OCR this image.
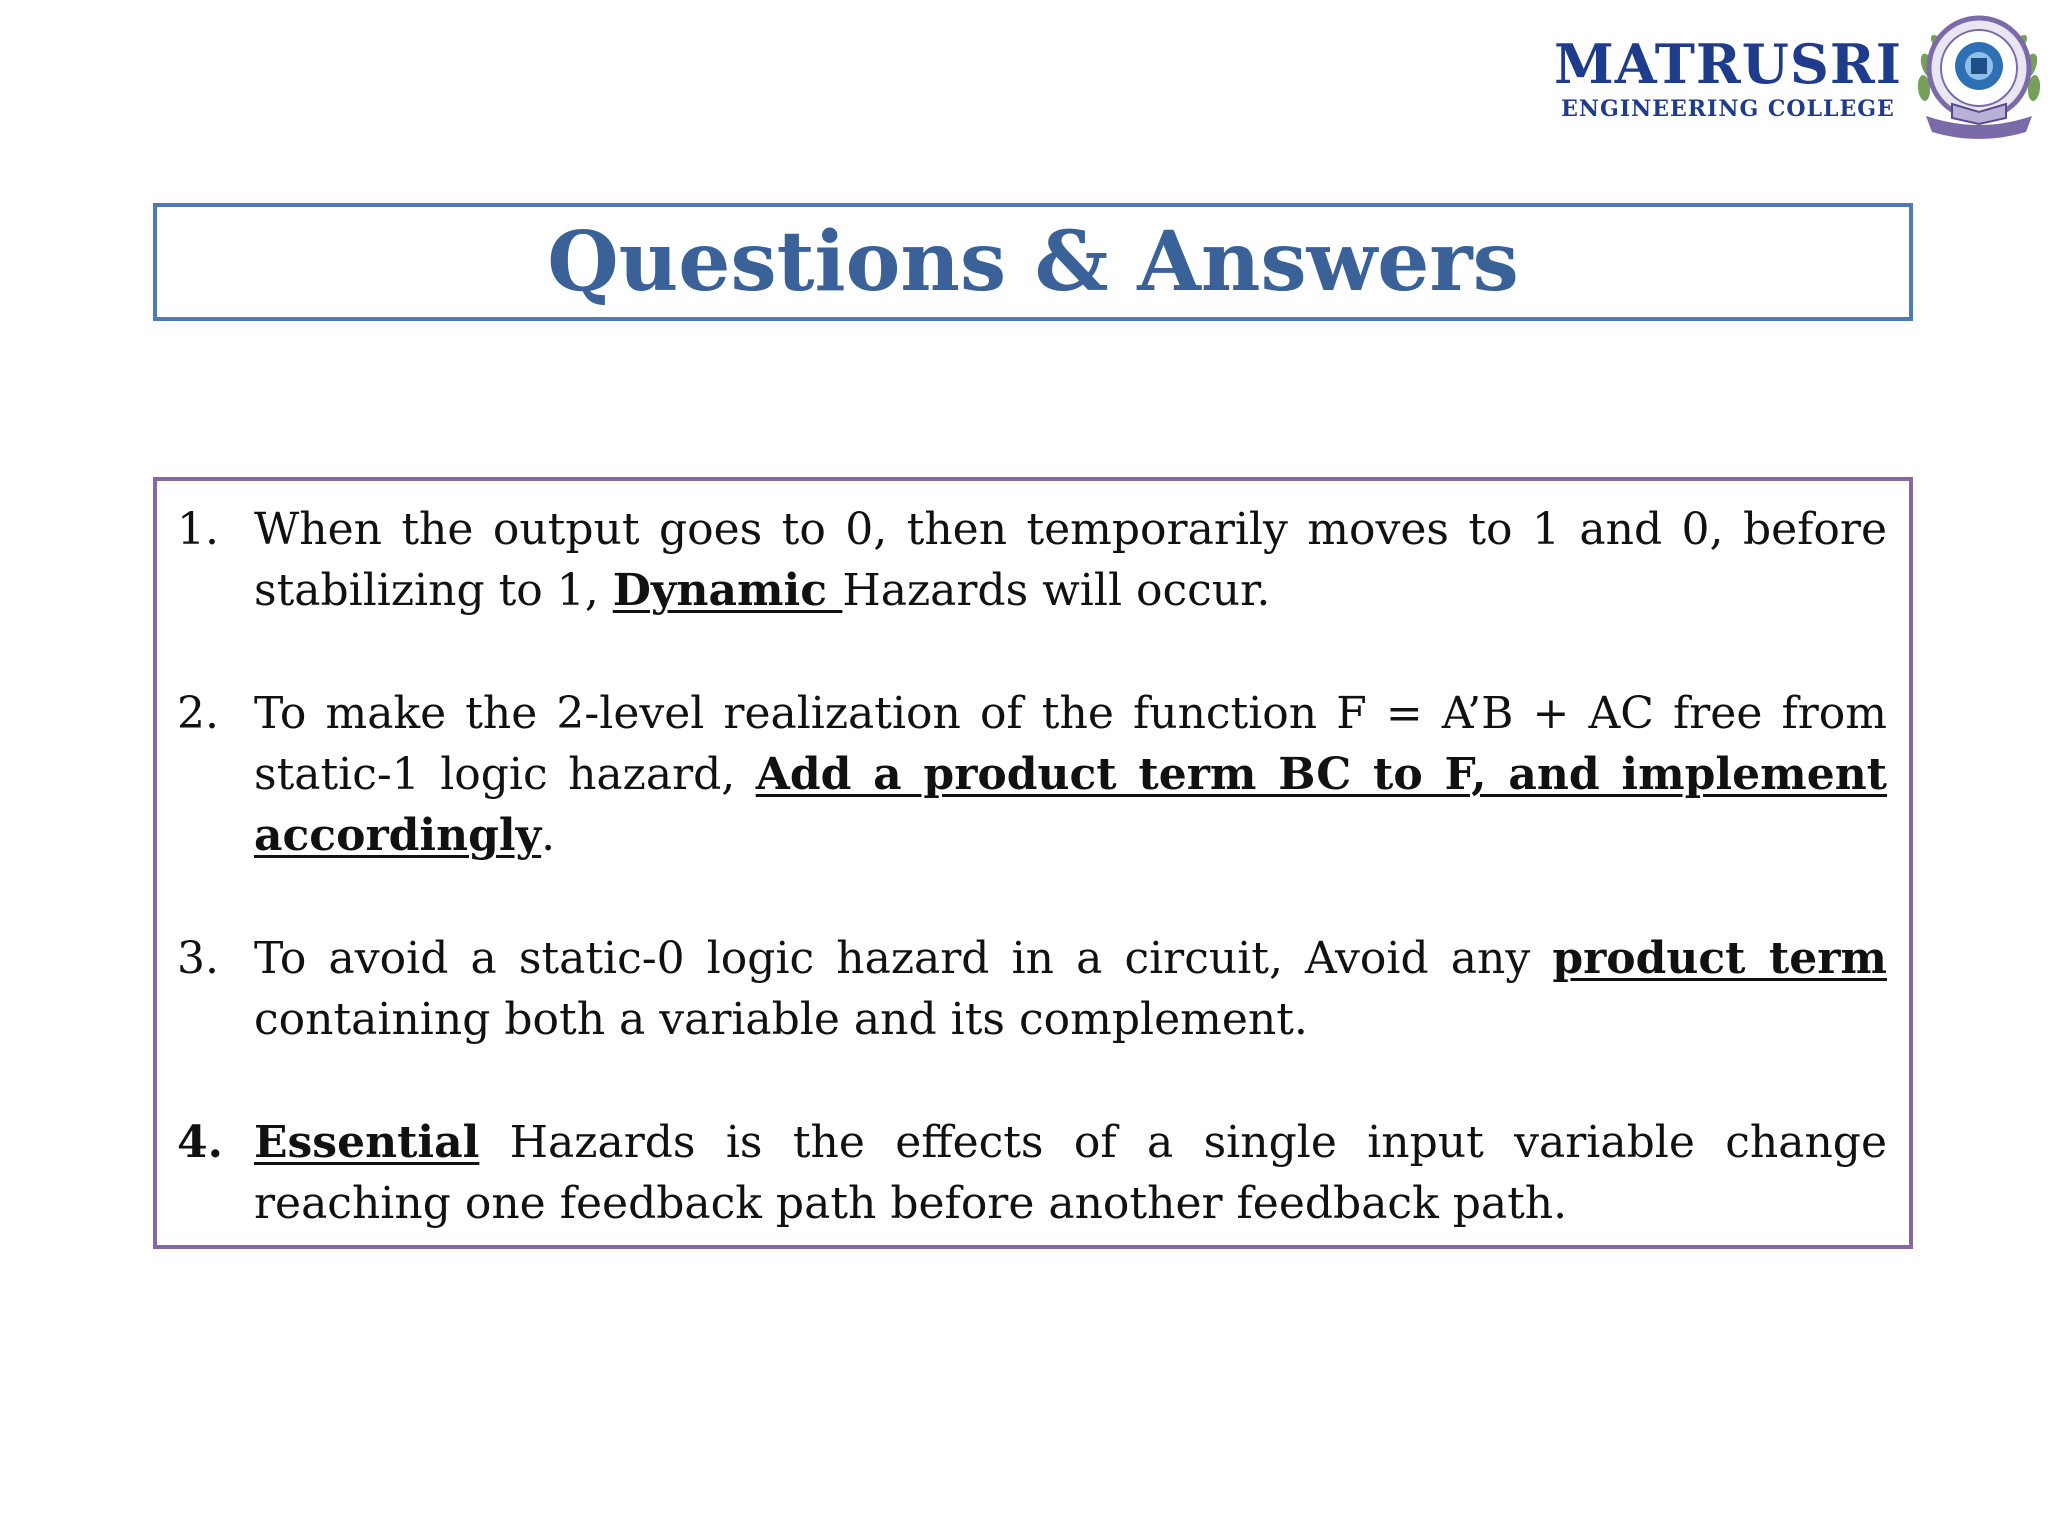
MATRUSRI
ENGINEERING COLLEGE
Questions & Answers
1. When the output goes to 0, then temporarily moves to 1 and 0, before stabilizing to 1, Dynamic Hazards will occur.
2. To make the 2-level realization of the function F = A’B + AC free from static-1 logic hazard, Add a product term BC to F, and implement accordingly.
3. To avoid a static-0 logic hazard in a circuit, Avoid any product term containing both a variable and its complement.
4. Essential Hazards is the effects of a single input variable change reaching one feedback path before another feedback path.
